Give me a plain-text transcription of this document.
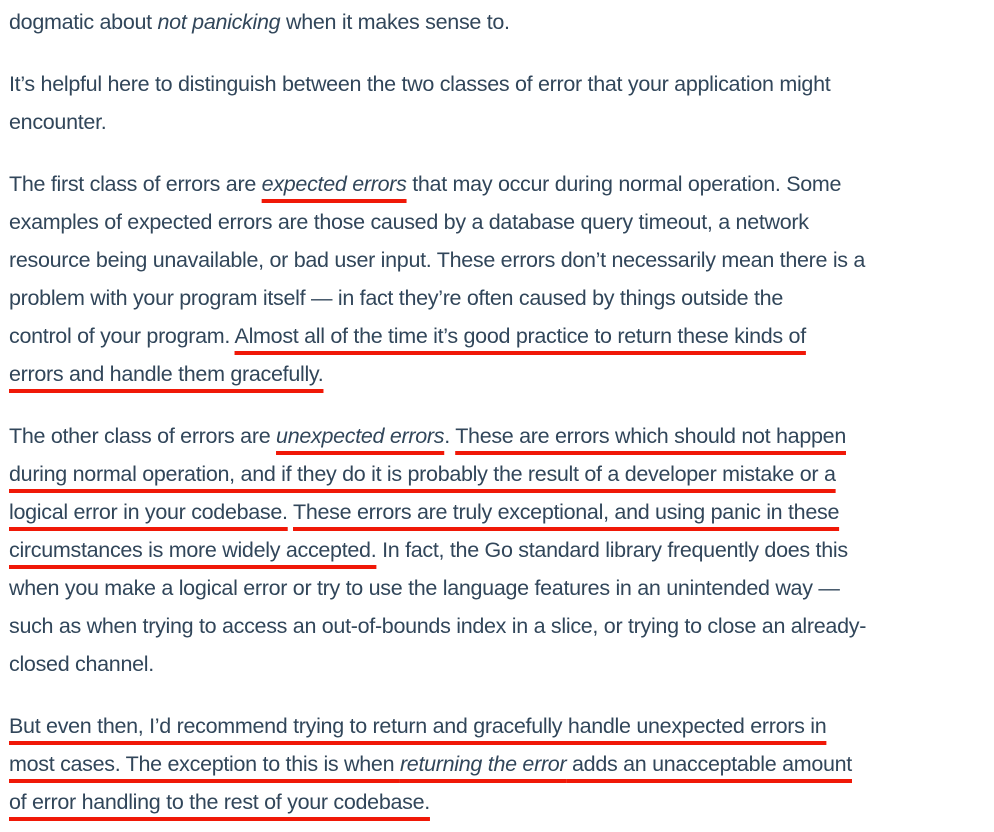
dogmatic about not panicking when it makes sense to.
It’s helpful here to distinguish between the two classes of error that your application might
encounter.
The first class of errors are expected errors that may occur during normal operation. Some
examples of expected errors are those caused by a database query timeout, a network
resource being unavailable, or bad user input. These errors don’t necessarily mean there is a
problem with your program itself — in fact they’re often caused by things outside the
control of your program. Almost all of the time it’s good practice to return these kinds of
errors and handle them gracefully.
The other class of errors are unexpected errors. These are errors which should not happen
during normal operation, and if they do it is probably the result of a developer mistake or a
logical error in your codebase. These errors are truly exceptional, and using panic in these
circumstances is more widely accepted. In fact, the Go standard library frequently does this
when you make a logical error or try to use the language features in an unintended way —
such as when trying to access an out-of-bounds index in a slice, or trying to close an already-
closed channel.
But even then, I’d recommend trying to return and gracefully handle unexpected errors in
most cases. The exception to this is when returning the error adds an unacceptable amount
of error handling to the rest of your codebase.
